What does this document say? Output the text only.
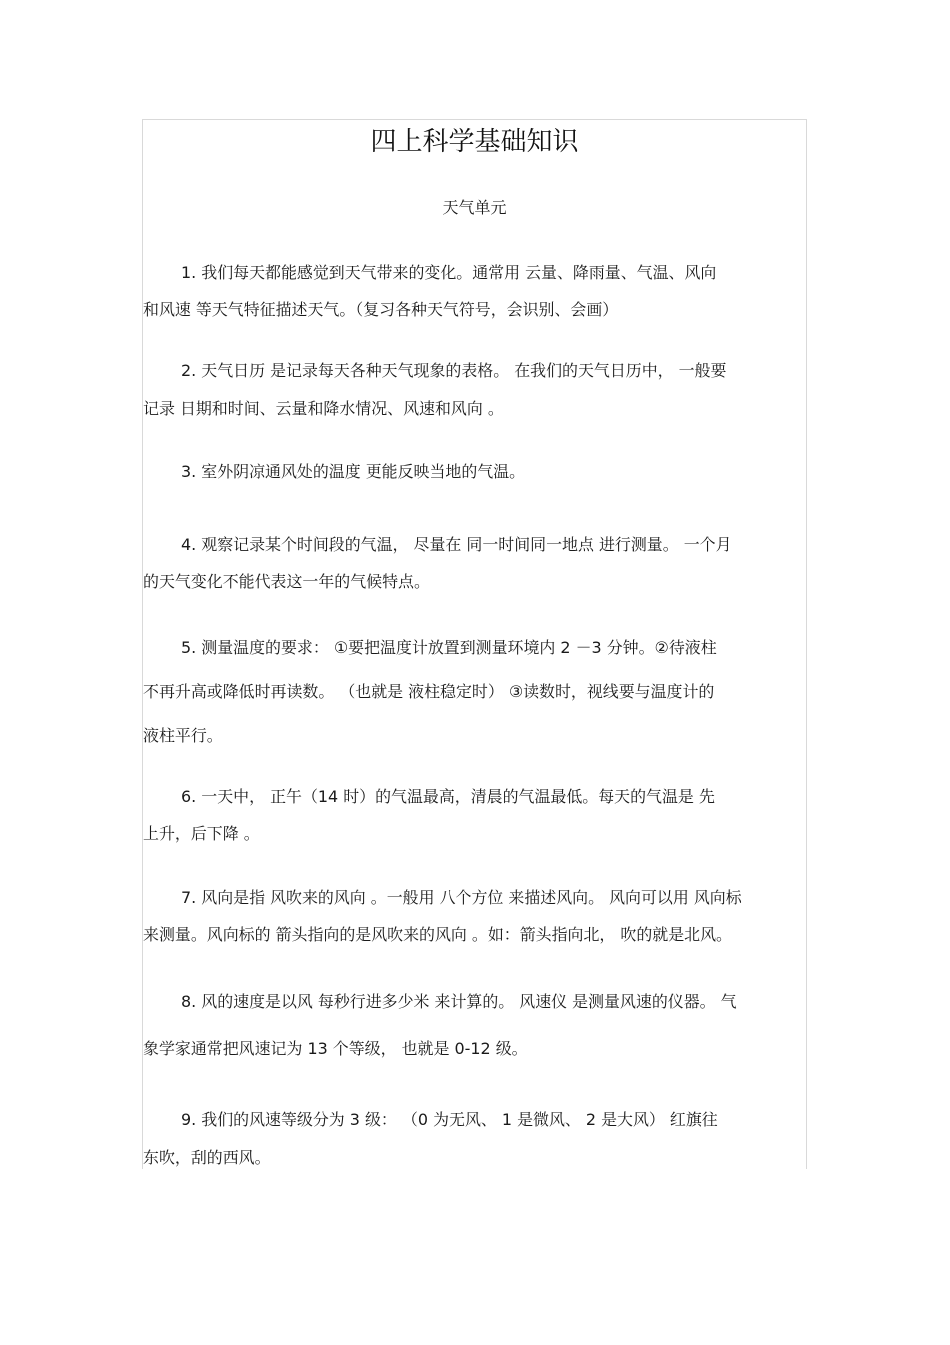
四上科学基础知识
天气单元
1. 我们每天都能感觉到天气带来的变化。通常用 云量、降雨量、气温、风向
和风速 等天气特征描述天气。（复习各种天气符号，会识别、会画）
2. 天气日历 是记录每天各种天气现象的表格。 在我们的天气日历中， 一般要
记录 日期和时间、云量和降水情况、风速和风向 。
3. 室外阴凉通风处的温度 更能反映当地的气温。
4. 观察记录某个时间段的气温， 尽量在 同一时间同一地点 进行测量。 一个月
的天气变化不能代表这一年的气候特点。
5. 测量温度的要求： ①要把温度计放置到测量环境内 2 －3 分钟。②待液柱
不再升高或降低时再读数。 （也就是 液柱稳定时） ③读数时，视线要与温度计的
液柱平行。
6. 一天中， 正午（14 时）的气温最高，清晨的气温最低。每天的气温是 先
上升，后下降 。
7. 风向是指 风吹来的风向 。一般用 八个方位 来描述风向。 风向可以用 风向标
来测量。风向标的 箭头指向的是风吹来的风向 。如：箭头指向北， 吹的就是北风。
8. 风的速度是以风 每秒行进多少米 来计算的。 风速仪 是测量风速的仪器。 气
象学家通常把风速记为 13 个等级， 也就是 0-12 级。
9. 我们的风速等级分为 3 级： （0 为无风、 1 是微风、 2 是大风） 红旗往
东吹，刮的西风。
